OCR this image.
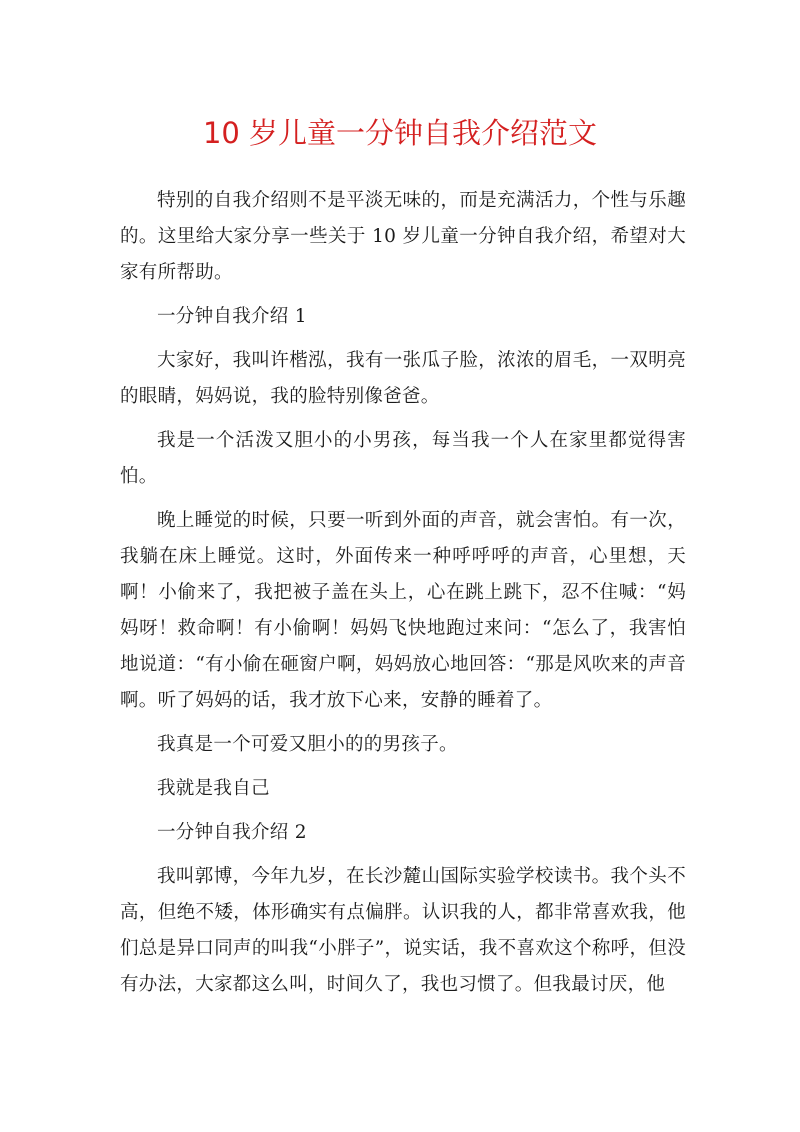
10 岁儿童一分钟自我介绍范文

特别的自我介绍则不是平淡无味的，而是充满活力，个性与乐趣的。这里给大家分享一些关于 10 岁儿童一分钟自我介绍，希望对大家有所帮助。

一分钟自我介绍 1

大家好，我叫许楷泓，我有一张瓜子脸，浓浓的眉毛，一双明亮的眼睛，妈妈说，我的脸特别像爸爸。

我是一个活泼又胆小的小男孩，每当我一个人在家里都觉得害怕。

晚上睡觉的时候，只要一听到外面的声音，就会害怕。有一次，我躺在床上睡觉。这时，外面传来一种呼呼呼的声音，心里想，天啊！小偷来了，我把被子盖在头上，心在跳上跳下，忍不住喊：“妈妈呀！救命啊！有小偷啊！妈妈飞快地跑过来问：“怎么了，我害怕地说道：“有小偷在砸窗户啊，妈妈放心地回答：“那是风吹来的声音啊。听了妈妈的话，我才放下心来，安静的睡着了。

我真是一个可爱又胆小的的男孩子。

我就是我自己

一分钟自我介绍 2

我叫郭博，今年九岁，在长沙麓山国际实验学校读书。我个头不高，但绝不矮，体形确实有点偏胖。认识我的人，都非常喜欢我，他们总是异口同声的叫我“小胖子”，说实话，我不喜欢这个称呼，但没有办法，大家都这么叫，时间久了，我也习惯了。但我最讨厌，他
